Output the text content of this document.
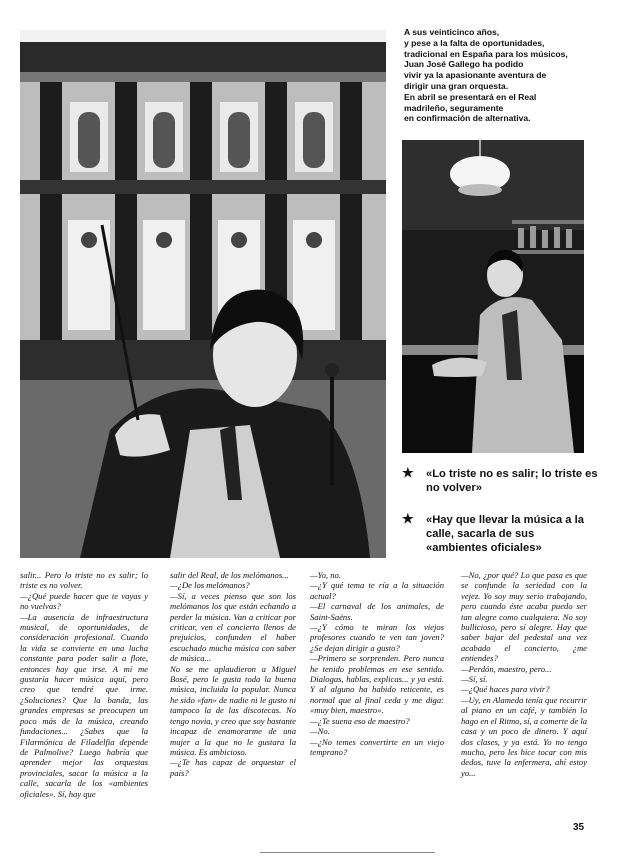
A sus veinticinco años,

y pese a la falta de oportunidades,

tradicional en España para los músicos,

Juan José Gallego ha podido

vivir ya la apasionante aventura de

dirigir una gran orquesta.

En abril se presentará en el Real

madrileño, seguramente

en confirmación de alternativa.

★ «Lo triste no es salir; lo triste es no volver»
★ «Hay que llevar la música a la calle, sacarla de sus «ambientes oficiales»

salir... Pero lo triste no es salir; lo triste es no volver.

—¿Qué puede hacer que te vayas y no vuelvas?

—La ausencia de infraestructura musical, de oportunidades, de consideración profesional. Cuando la vida se convierte en una lucha constante para poder salir a flote, entonces hay que irse. A mí me gustaría hacer música aquí, pero creo que tendré que irme. ¿Soluciones? Que la banda, las grandes empresas se preocupen un poco más de la música, creando fundaciones... ¿Sabes que la Filarmónica de Filadelfia depende de Palmolive? Luego habría que aprender mejor las orquestas provinciales, sacar la música a la calle, sacarla de los «ambientes oficiales». Sí, hay que

salir del Real, de los melómanos...

—¿De los melómanos?

—Sí, a veces pienso que son los melómanos los que están echando a perder la música. Van a criticar por criticar, ven el concierto llenos de prejuicios, confunden el haber escuchado mucha música con saber de música...

No se me aplaudieron a Miguel Bosé, pero le gusta toda la buena música, incluida la popular. Nunca he sido «fan» de nadie ni le gusto ni tampoco la de las discotecas. No tengo novia, y creo que soy bastante incapaz de enamorarme de una mujer a la que no le gustara la música. Es ambicioso.

—¿Te has capaz de orquestar el país?

—Yo, no.

—¿Y qué tema te ría a la situación actual?

—El carnaval de los animales, de Saint-Saëns.

—¿Y cómo te miran los viejos profesores cuando te ven tan joven? ¿Se dejan dirigir a gusto?

—Primero se sorprenden. Pero nunca he tenido problemas en ese sentido. Dialogas, hablas, explicas... y ya está. Y al alguno ha habido reticente, es normal que al final ceda y me diga: «muy bien, maestro».

—¿Te suena eso de maestro?

—No.

—¿No temes convertirte en un viejo temprano?

—No, ¿por qué? Lo que pasa es que se confunde la seriedad con la vejez. Yo soy muy serio trabajando, pero cuando éste acaba puedo ser tan alegre como cualquiera. No soy bullicioso, pero sí alegre. Hay que saber bajar del pedestal una vez acabado el concierto, ¿me entiendes?

—Perdón, maestro, pero...

—Sí, sí.

—¿Qué haces para vivir?

—Uy, en Alameda tenía que recurrir al piano en un café, y también lo hago en el Ritmo, sí, a comerte de la casa y un poco de dinero. Y aquí dos clases, y ya está. Yo no tengo mucho, pero les hice tocar con mis dedos, tuve la enfermera, ahí estoy yo...

35
